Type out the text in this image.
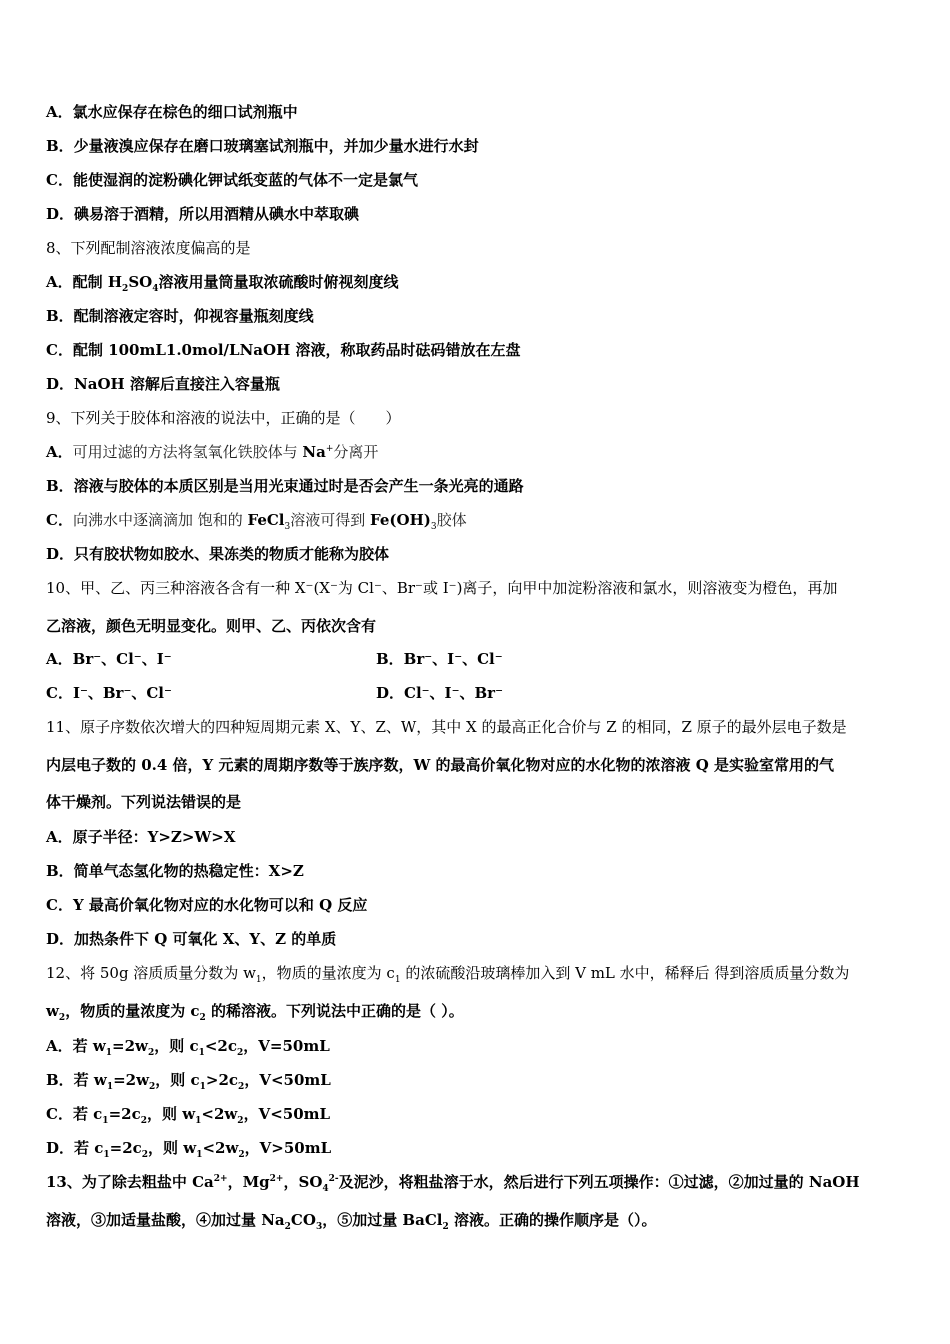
A．氯水应保存在棕色的细口试剂瓶中
B．少量液溴应保存在磨口玻璃塞试剂瓶中，并加少量水进行水封
C．能使湿润的淀粉碘化钾试纸变蓝的气体不一定是氯气
D．碘易溶于酒精，所以用酒精从碘水中萃取碘
8、下列配制溶液浓度偏高的是
A．配制 $H_2SO_4$溶液用量筒量取浓硫酸时俯视刻度线
B．配制溶液定容时，仰视容量瓶刻度线
C．配制 100mL1.0mol/LNaOH 溶液，称取药品时砝码错放在左盘
D．NaOH 溶解后直接注入容量瓶
9、下列关于胶体和溶液的说法中，正确的是（　　）
A．可用过滤的方法将氢氧化铁胶体与 Na+分离开
B．溶液与胶体的本质区别是当用光束通过时是否会产生一条光亮的通路
C．向沸水中逐滴滴加 饱和的 FeCl$_3$溶液可得到 $Fe(OH)_3$胶体
D．只有胶状物如胶水、果冻类的物质才能称为胶体
10、甲、乙、丙三种溶液各含有一种 X⁻(X⁻为 Cl⁻、Br⁻或 I⁻)离子，向甲中加淀粉溶液和氯水，则溶液变为橙色，再加
乙溶液，颜色无明显变化。则甲、乙、丙依次含有
A．Br⁻、Cl⁻、I⁻	B．Br⁻、I⁻、Cl⁻
C．I⁻、Br⁻、Cl⁻	D．Cl⁻、I⁻、Br⁻
11、原子序数依次增大的四种短周期元素 X、Y、Z、W，其中 X 的最高正化合价与 Z 的相同，Z 原子的最外层电子数是
内层电子数的 0.4 倍，Y 元素的周期序数等于族序数，W 的最高价氧化物对应的水化物的浓溶液 Q 是实验室常用的气
体干燥剂。下列说法错误的是
A．原子半径：Y>Z>W>X
B．简单气态氢化物的热稳定性：X>Z
C．Y 最高价氧化物对应的水化物可以和 Q 反应
D．加热条件下 Q 可氧化 X、Y、Z 的单质
12、将 50g 溶质质量分数为 $w_1$，物质的量浓度为 $c_1$ 的浓硫酸沿玻璃棒加入到 V mL 水中，稀释后 得到溶质质量分数为
$w_2$，物质的量浓度为 $c_2$ 的稀溶液。下列说法中正确的是（ ）。
A．若 $w_1=2w_2$，则 $c_1<2c_2$，V=50mL
B．若 $w_1=2w_2$，则 $c_1>2c_2$，V<50mL
C．若 $c_1=2c_2$，则 $w_1<2w_2$，V<50mL
D．若 $c_1=2c_2$，则 $w_1<2w_2$，V>50mL
13、为了除去粗盐中 $Ca^{2+}$，$Mg^{2+}$，$SO_4^{2-}$及泥沙，将粗盐溶于水，然后进行下列五项操作：①过滤，②加过量的 NaOH
溶液，③加适量盐酸，④加过量 $Na_2CO_3$，⑤加过量 BaCl$_2$ 溶液。正确的操作顺序是（）。
